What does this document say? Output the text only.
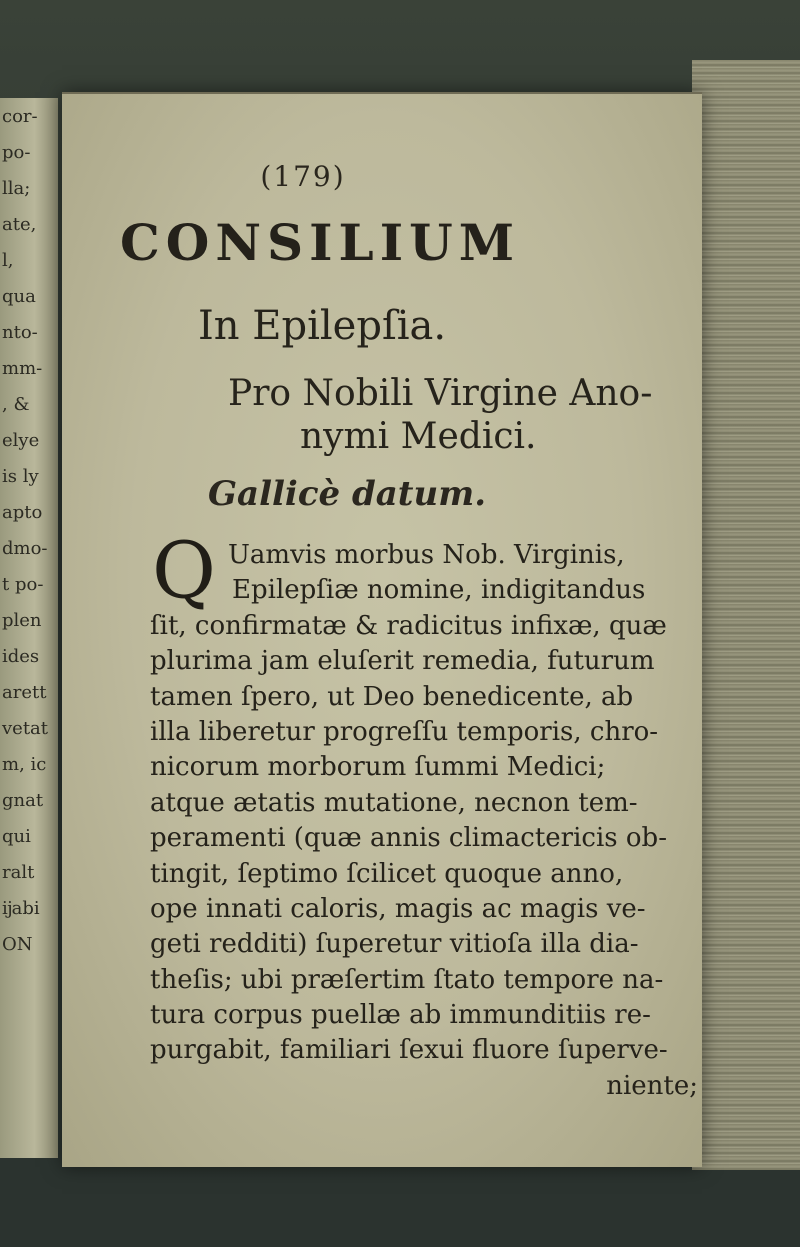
cor-
po-
lla;
ate,
l,
qua
nto-
mm-
, &
elye
is ly
apto
dmo-
t po-
plen
ides
arett
vetat
m, ic
gnat
qui
ralt
ĳabi
ON
(179)
CONSILIUM
In Epilepſia.
Pro Nobili Virgine Ano-
nymi Medici.
Gallicè datum.
Q Uamvis morbus Nob. Virginis,
Epilepſiæ nomine, indigitandus
ſit, confirmatæ & radicitus infixæ, quæ
plurima jam eluſerit remedia, futurum
tamen ſpero, ut Deo benedicente, ab
illa liberetur progreſſu temporis, chro-
nicorum morborum ſummi Medici;
atque ætatis mutatione, necnon tem-
peramenti (quæ annis climactericis ob-
tingit, ſeptimo ſcilicet quoque anno,
ope innati caloris, magis ac magis ve-
geti redditi) ſuperetur vitioſa illa dia-
theſis; ubi præſertim ſtato tempore na-
tura corpus puellæ ab immunditiis re-
purgabit, familiari ſexui fluore ſuperve-
niente;
